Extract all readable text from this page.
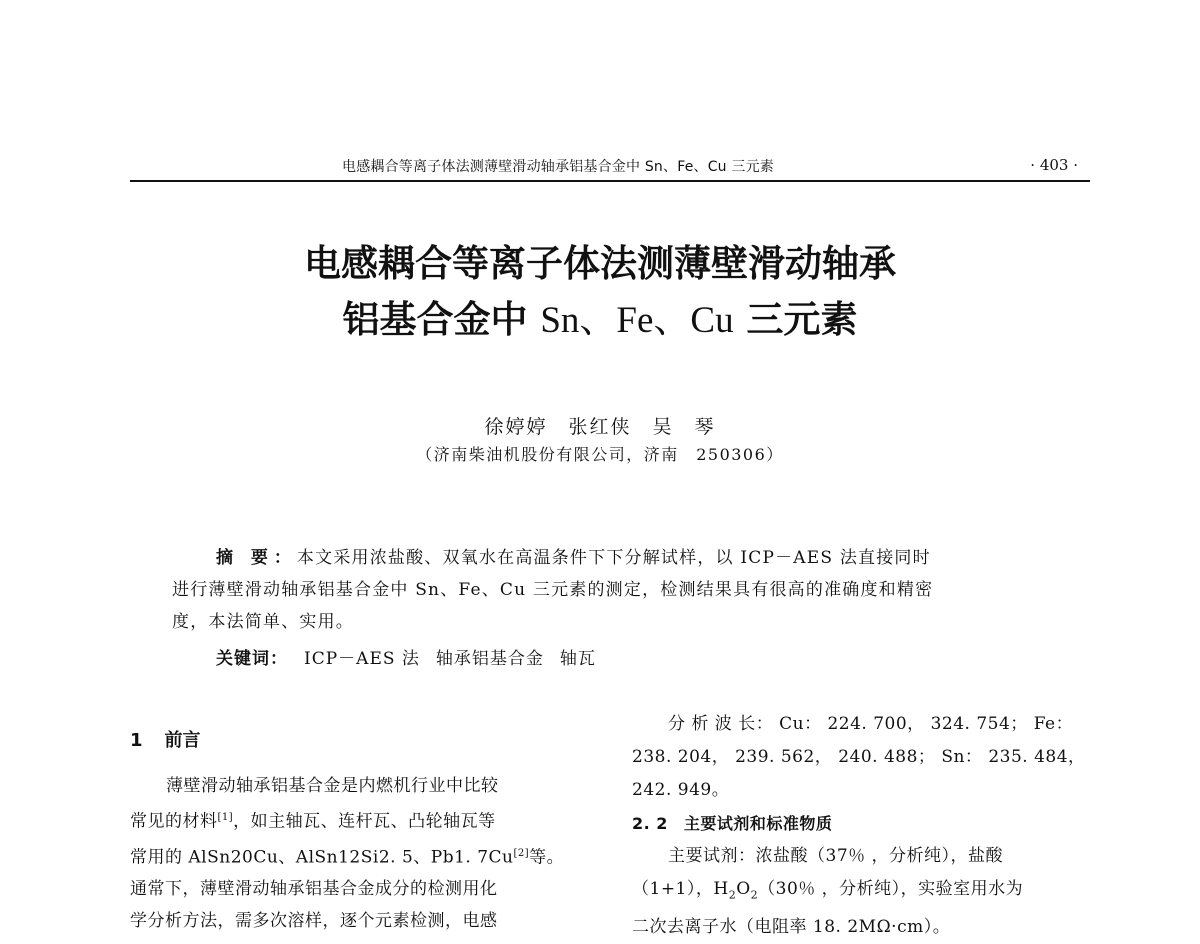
电感耦合等离子体法测薄壁滑动轴承铝基合金中 Sn、Fe、Cu 三元素	· 403 ·
电感耦合等离子体法测薄壁滑动轴承
铝基合金中 Sn、Fe、Cu 三元素
徐婷婷　张红侠　吴　琴
（济南柴油机股份有限公司，济南　250306）

摘 要：本文采用浓盐酸、双氧水在高温条件下下分解试样，以 ICP－AES 法直接同时

进行薄壁滑动轴承铝基合金中 Sn、Fe、Cu 三元素的测定，检测结果具有很高的准确度和精密
度，本法简单、实用。
关键词： ICP－AES 法 轴承铝基合金 轴瓦
1 前言

薄壁滑动轴承铝基合金是内燃机行业中比较

常见的材料[1]，如主轴瓦、连杆瓦、凸轮轴瓦等
常用的 AlSn20Cu、AlSn12Si2. 5、Pb1. 7Cu[2]等。
通常下，薄壁滑动轴承铝基合金成分的检测用化
学分析方法，需多次溶样，逐个元素检测，电感

分 析 波 长： Cu： 224. 700， 324. 754； Fe：

238. 204， 239. 562， 240. 488； Sn： 235. 484，

242. 949。

2. 2 主要试剂和标准物质

主要试剂：浓盐酸（37％ ，分析纯），盐酸

（1+1），$H_2O_2(30$％ ，分析纯），实验室用水为

二次去离子水（电阻率 18. 2MΩ·cm）。
